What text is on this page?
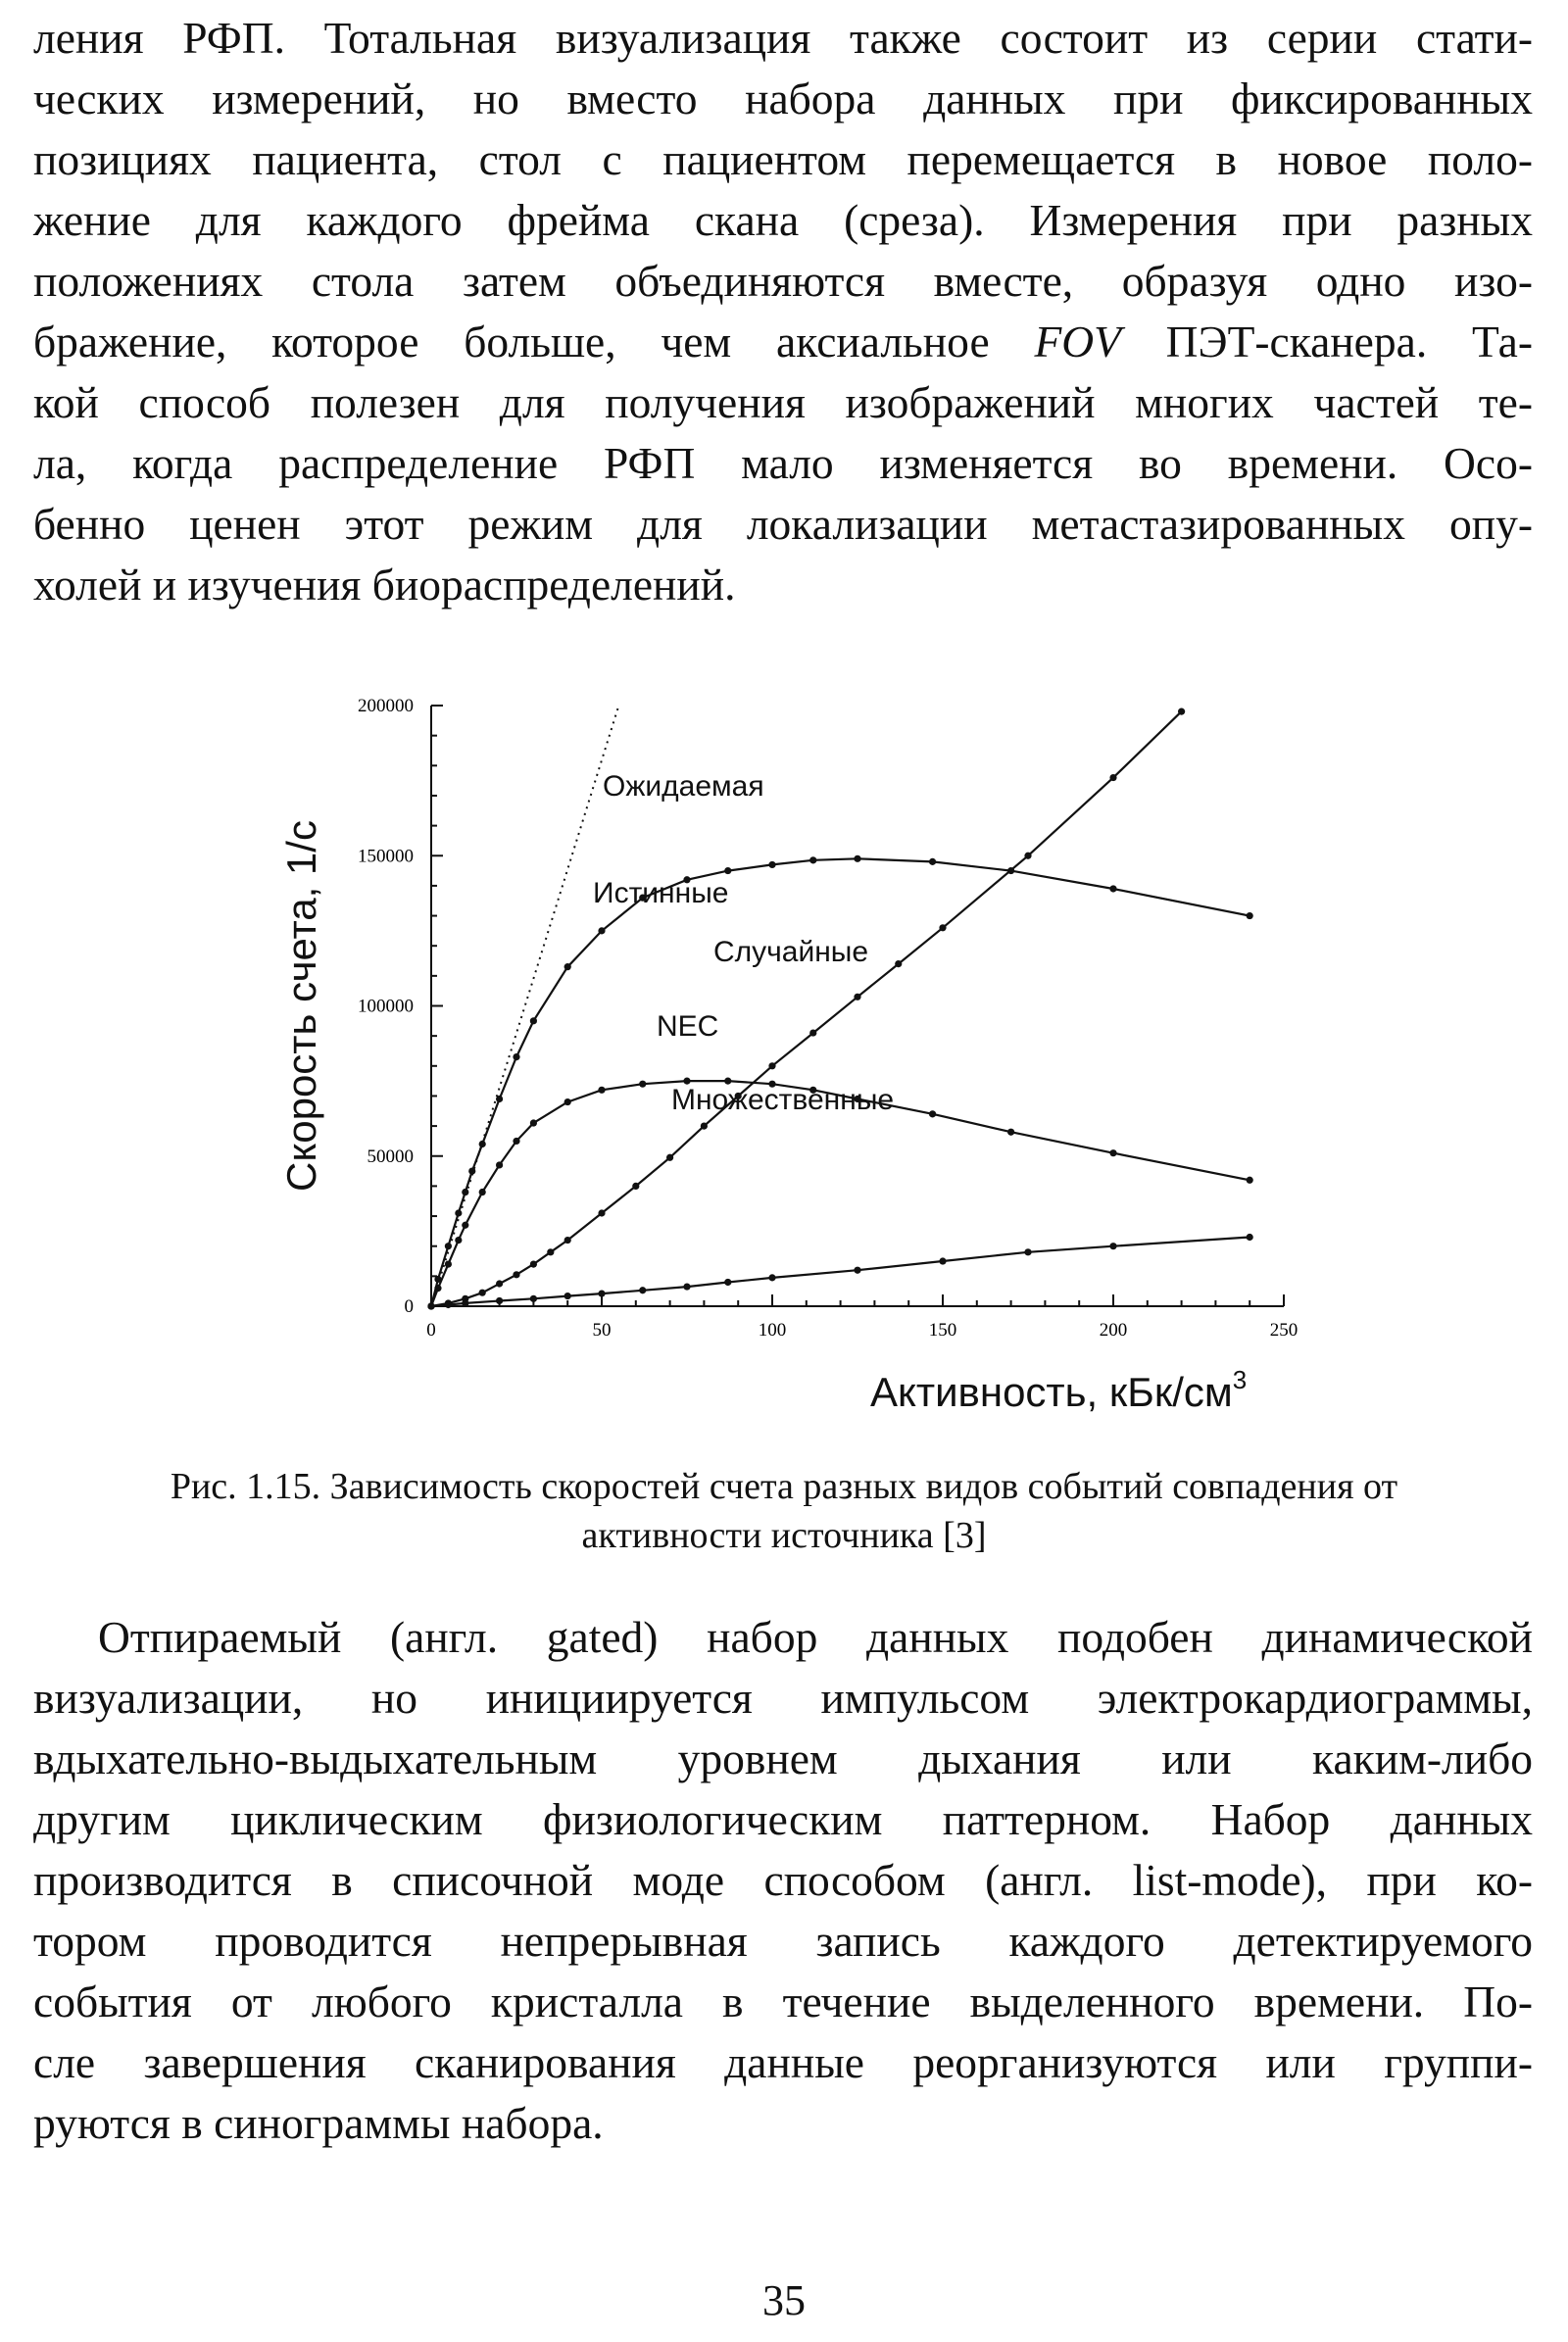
ления РФП. Тотальная визуализация также состоит из серии стати-
ческих измерений, но вместо набора данных при фиксированных
позициях пациента, стол с пациентом перемещается в новое поло-
жение для каждого фрейма скана (среза). Измерения при разных
положениях стола затем объединяются вместе, образуя одно изо-
бражение, которое больше, чем аксиальное FOV ПЭТ-сканера. Та-
кой способ полезен для получения изображений многих частей те-
ла, когда распределение РФП мало изменяется во времени. Осо-
бенно ценен этот режим для локализации метастазированных опу-
холей и изучения биораспределений.
0
50000
100000
150000
200000
0	50	100	150	200	250
Ожидаемая
Истинные
Случайные
NEC
Множественные
Скорость счета, 1/с
Активность, кБк/$см^3$

Рис. 1.15. Зависимость скоростей счета разных видов событий совпадения от
активности источника [3]

Отпираемый (англ. gated) набор данных подобен динамической
визуализации, но инициируется импульсом электрокардиограммы,
вдыхательно-выдыхательным уровнем дыхания или каким-либо
другим циклическим физиологическим паттерном. Набор данных
производится в списочной моде способом (англ. list-mode), при ко-
тором проводится непрерывная запись каждого детектируемого
события от любого кристалла в течение выделенного времени. По-
сле завершения сканирования данные реорганизуются или группи-
руются в синограммы набора.
35
